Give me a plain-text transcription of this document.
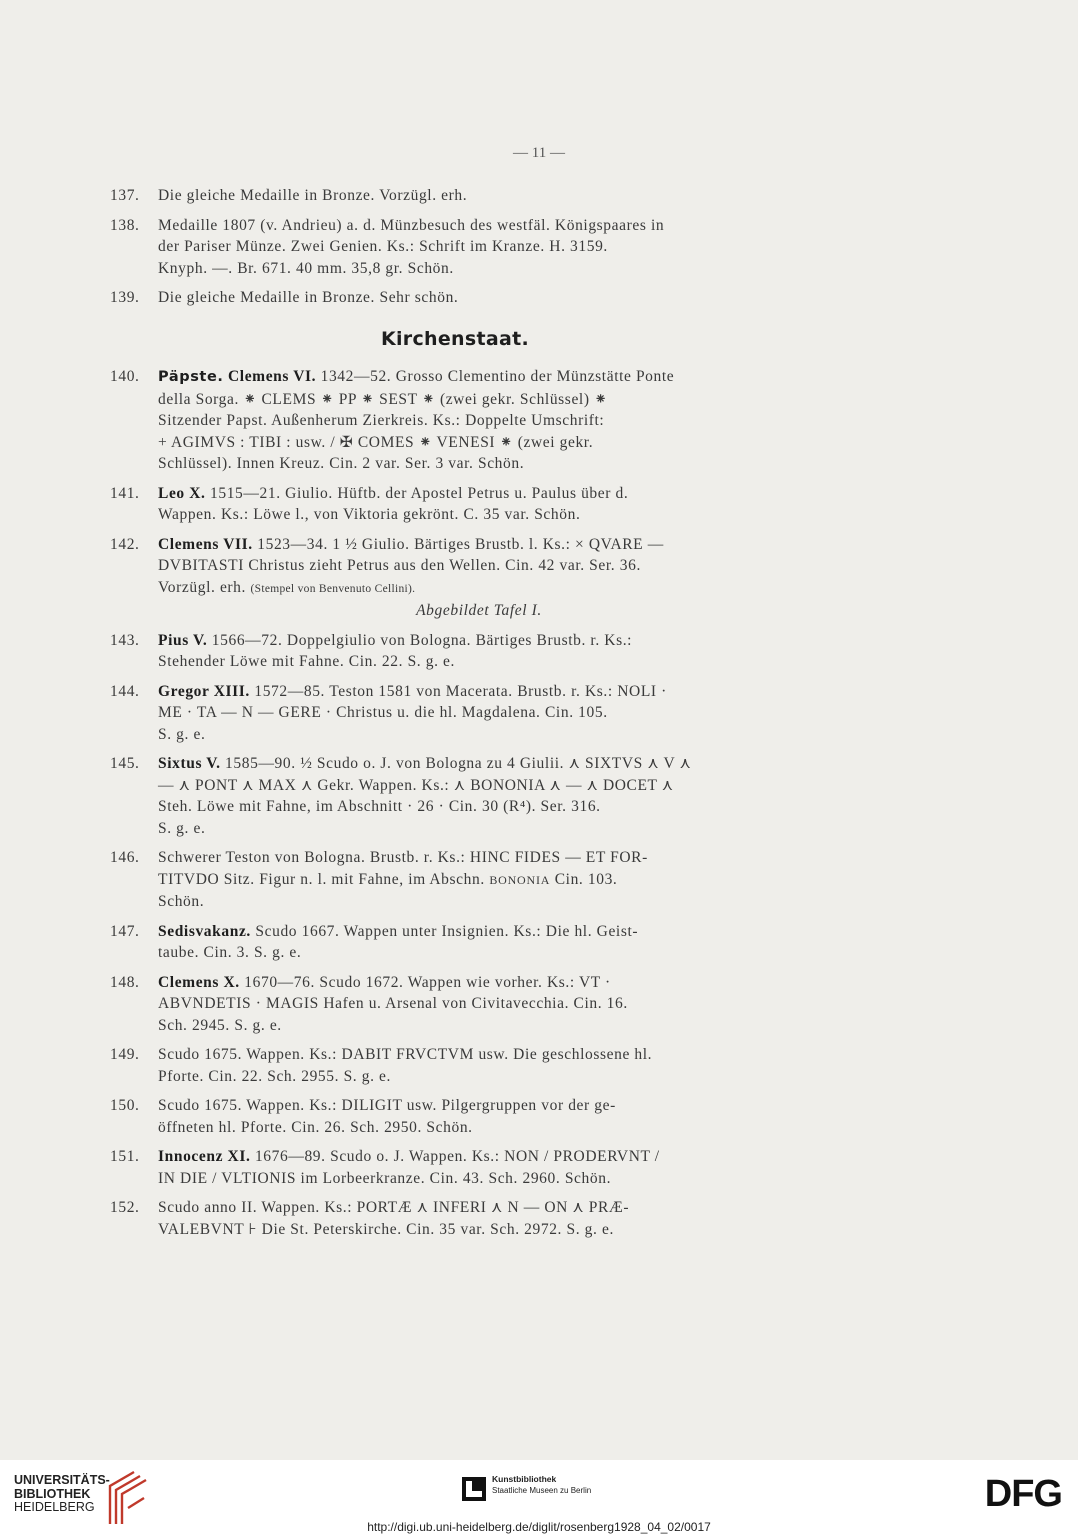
— 11 —
137.	Die gleiche Medaille in Bronze. Vorzügl. erh.
138.	Medaille 1807 (v. Andrieu) a. d. Münzbesuch des westfäl. Königspaares in
der Pariser Münze. Zwei Genien. Ks.: Schrift im Kranze. H. 3159.
Knyph. —. Br. 671. 40 mm. 35,8 gr. Schön.
139.	Die gleiche Medaille in Bronze. Sehr schön.
Kirchenstaat.
140.	Päpste. Clemens VI. 1342—52. Grosso Clementino der Münzstätte Ponte
della Sorga. ⁕ CLEMS ⁕ PP ⁕ SEST ⁕ (zwei gekr. Schlüssel) ⁕
Sitzender Papst. Außenherum Zierkreis. Ks.: Doppelte Umschrift:
+ AGIMVS : TIBI : usw. / ✠ COMES ⁕ VENESI ⁕ (zwei gekr.
Schlüssel). Innen Kreuz. Cin. 2 var. Ser. 3 var. Schön.
141.	Leo X. 1515—21. Giulio. Hüftb. der Apostel Petrus u. Paulus über d.
Wappen. Ks.: Löwe l., von Viktoria gekrönt. C. 35 var. Schön.
142.	Clemens VII. 1523—34. 1 ½ Giulio. Bärtiges Brustb. l. Ks.: × QVARE —
DVBITASTI Christus zieht Petrus aus den Wellen. Cin. 42 var. Ser. 36.
Vorzügl. erh. (Stempel von Benvenuto Cellini).
Abgebildet Tafel I.
143.	Pius V. 1566—72. Doppelgiulio von Bologna. Bärtiges Brustb. r. Ks.:
Stehender Löwe mit Fahne. Cin. 22. S. g. e.
144.	Gregor XIII. 1572—85. Teston 1581 von Macerata. Brustb. r. Ks.: NOLI ·
ME · TA — N — GERE · Christus u. die hl. Magdalena. Cin. 105.
S. g. e.
145.	Sixtus V. 1585—90. ½ Scudo o. J. von Bologna zu 4 Giulii. ⋏ SIXTVS ⋏ V ⋏
— ⋏ PONT ⋏ MAX ⋏ Gekr. Wappen. Ks.: ⋏ BONONIA ⋏ — ⋏ DOCET ⋏
Steh. Löwe mit Fahne, im Abschnitt · 26 · Cin. 30 (R⁴). Ser. 316.
S. g. e.
146.	Schwerer Teston von Bologna. Brustb. r. Ks.: HINC FIDES — ET FOR-
TITVDO Sitz. Figur n. l. mit Fahne, im Abschn. BONONIA Cin. 103.
Schön.
147.	Sedisvakanz. Scudo 1667. Wappen unter Insignien. Ks.: Die hl. Geist-
taube. Cin. 3. S. g. e.
148.	Clemens X. 1670—76. Scudo 1672. Wappen wie vorher. Ks.: VT ·
ABVNDETIS · MAGIS Hafen u. Arsenal von Civitavecchia. Cin. 16.
Sch. 2945. S. g. e.
149.	Scudo 1675. Wappen. Ks.: DABIT FRVCTVM usw. Die geschlossene hl.
Pforte. Cin. 22. Sch. 2955. S. g. e.
150.	Scudo 1675. Wappen. Ks.: DILIGIT usw. Pilgergruppen vor der ge-
öffneten hl. Pforte. Cin. 26. Sch. 2950. Schön.
151.	Innocenz XI. 1676—89. Scudo o. J. Wappen. Ks.: NON / PRODERVNT /
IN DIE / VLTIONIS im Lorbeerkranze. Cin. 43. Sch. 2960. Schön.
152.	Scudo anno II. Wappen. Ks.: PORTÆ ⋏ INFERI ⋏ N — ON ⋏ PRÆ-
VALEBVNT ⊦ Die St. Peterskirche. Cin. 35 var. Sch. 2972. S. g. e.
UNIVERSITÄTS-
BIBLIOTHEK
HEIDELBERG
Kunstbibliothek
Staatliche Museen zu Berlin	DFG
http://digi.ub.uni-heidelberg.de/diglit/rosenberg1928_04_02/0017
